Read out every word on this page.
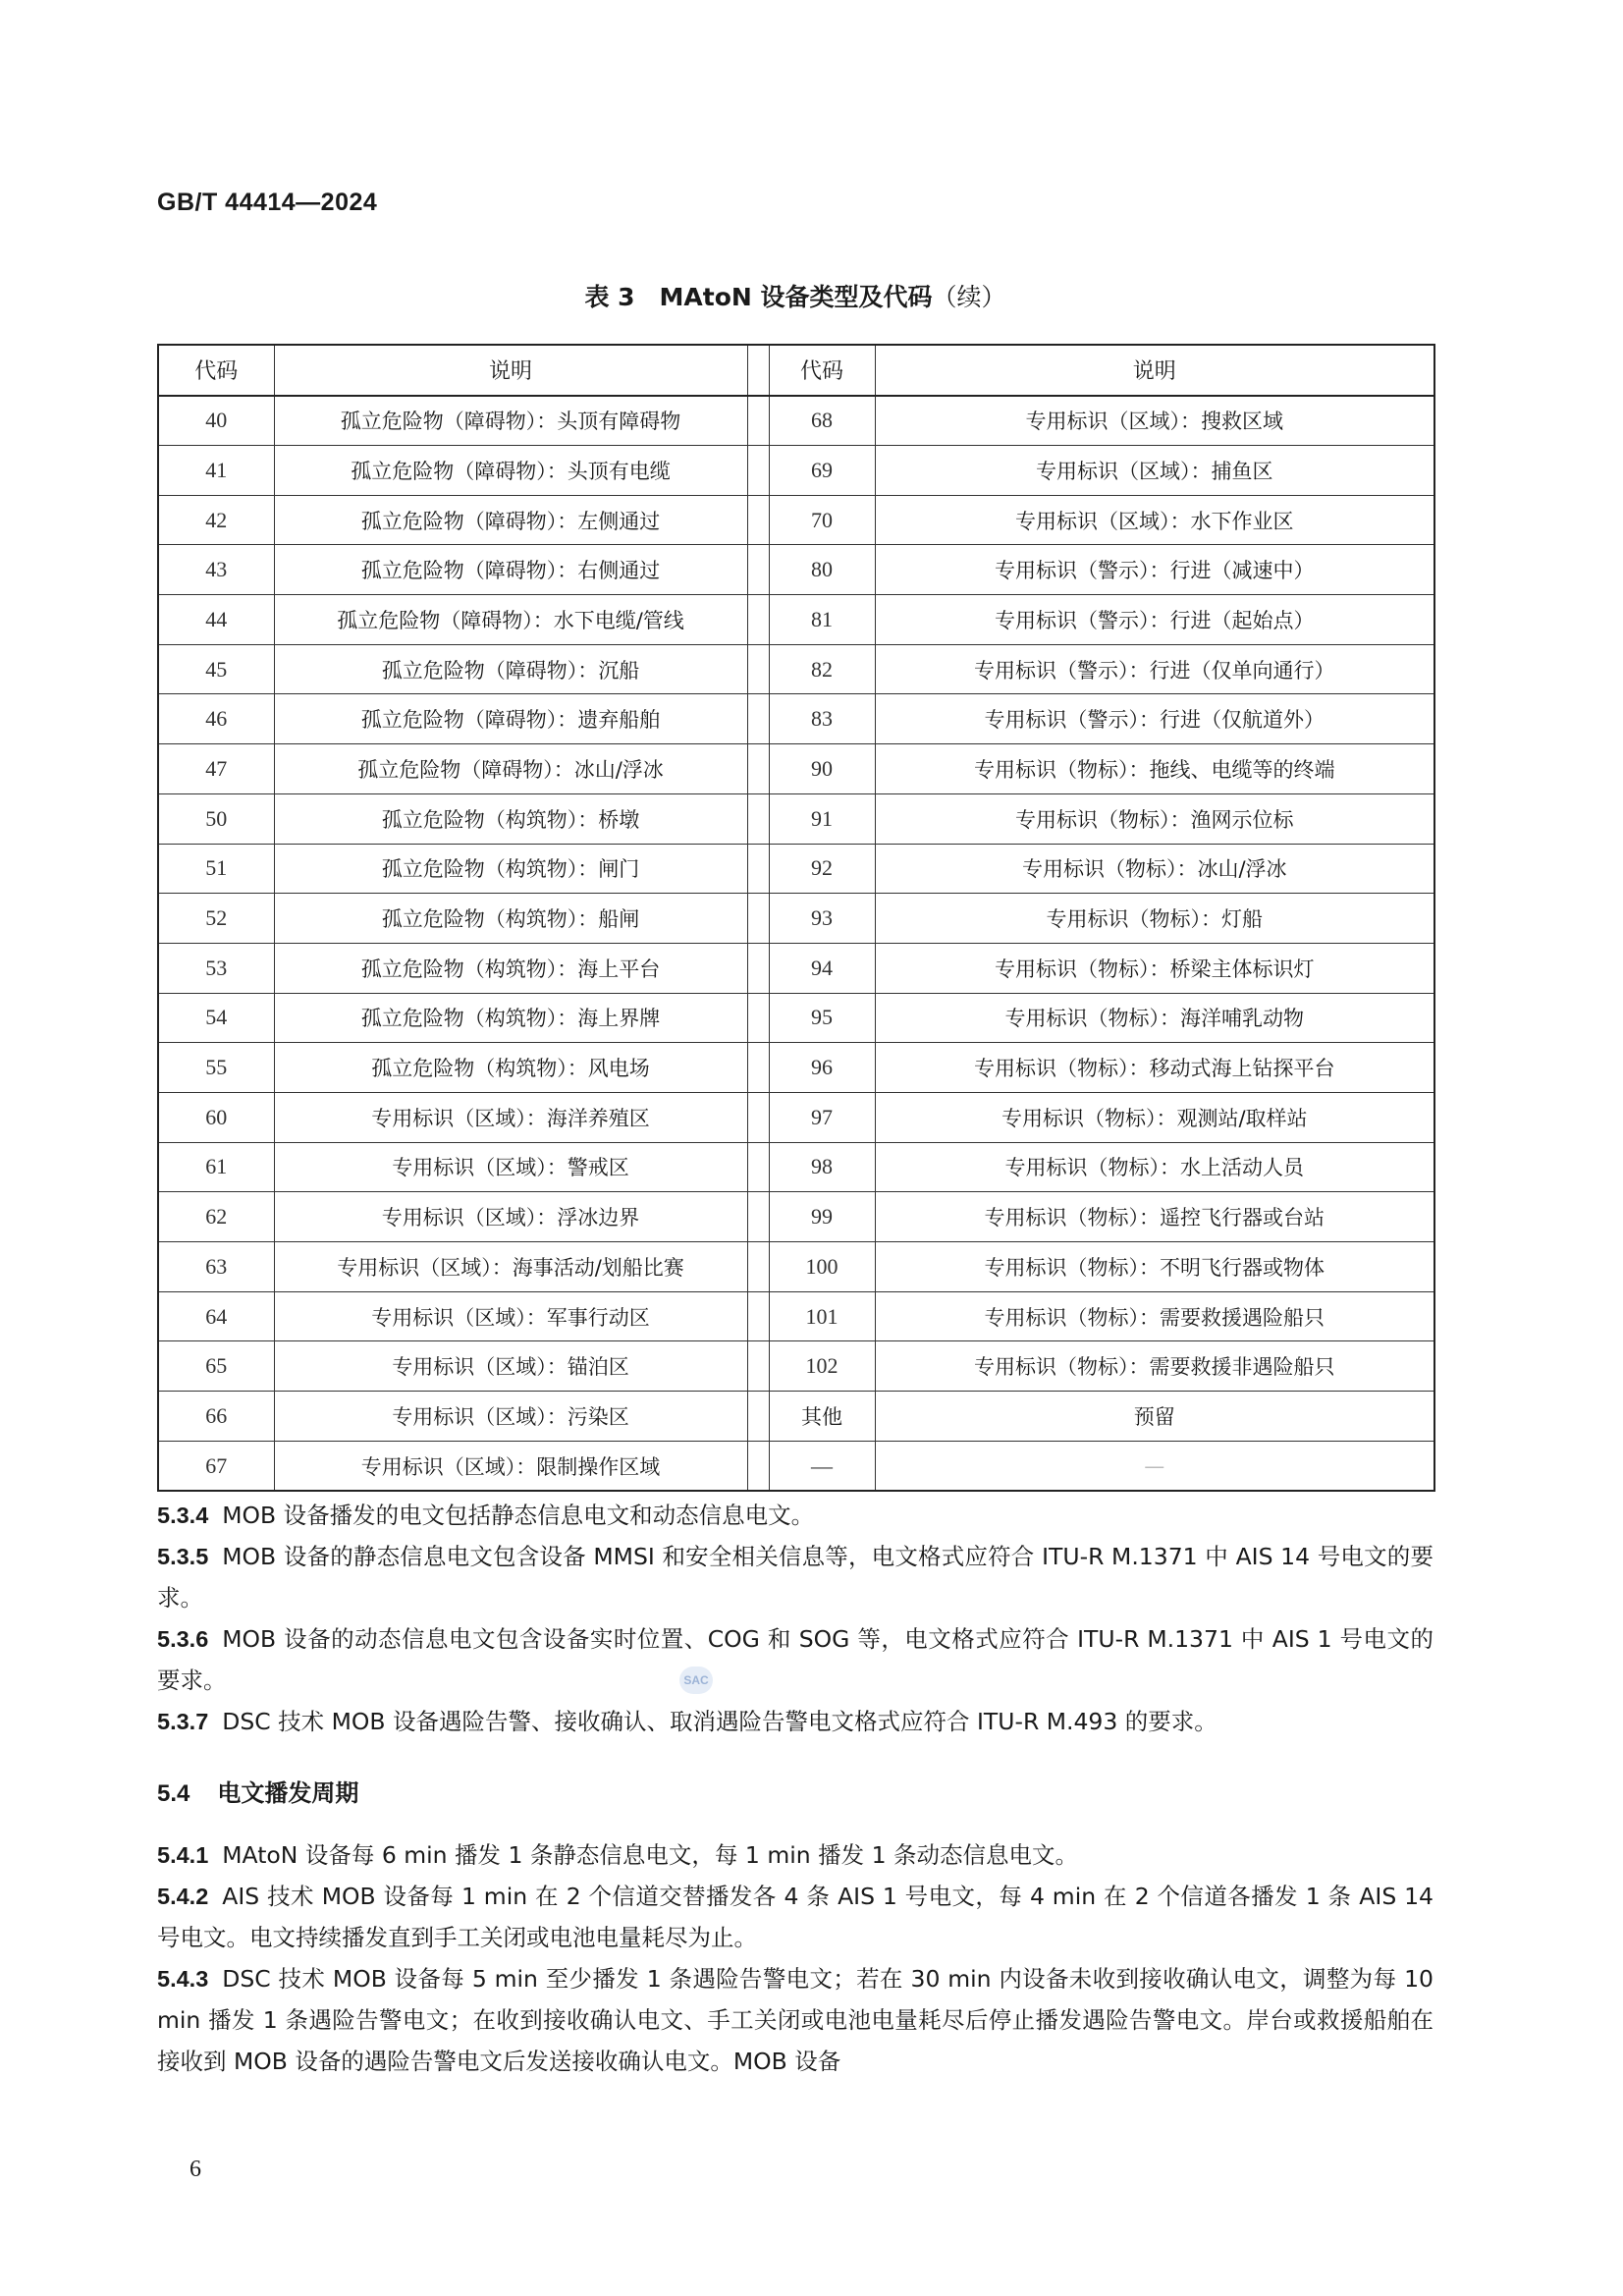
GB/T 44414—2024
表 3　MAtoN 设备类型及代码（续）
代码	说明		代码	说明
40	孤立危险物（障碍物）：头顶有障碍物		68	专用标识（区域）：搜救区域
41	孤立危险物（障碍物）：头顶有电缆		69	专用标识（区域）：捕鱼区
42	孤立危险物（障碍物）：左侧通过		70	专用标识（区域）：水下作业区
43	孤立危险物（障碍物）：右侧通过		80	专用标识（警示）：行进（减速中）
44	孤立危险物（障碍物）：水下电缆/管线		81	专用标识（警示）：行进（起始点）
45	孤立危险物（障碍物）：沉船		82	专用标识（警示）：行进（仅单向通行）
46	孤立危险物（障碍物）：遗弃船舶		83	专用标识（警示）：行进（仅航道外）
47	孤立危险物（障碍物）：冰山/浮冰		90	专用标识（物标）：拖线、电缆等的终端
50	孤立危险物（构筑物）：桥墩		91	专用标识（物标）：渔网示位标
51	孤立危险物（构筑物）：闸门		92	专用标识（物标）：冰山/浮冰
52	孤立危险物（构筑物）：船闸		93	专用标识（物标）：灯船
53	孤立危险物（构筑物）：海上平台		94	专用标识（物标）：桥梁主体标识灯
54	孤立危险物（构筑物）：海上界牌		95	专用标识（物标）：海洋哺乳动物
55	孤立危险物（构筑物）：风电场		96	专用标识（物标）：移动式海上钻探平台
60	专用标识（区域）：海洋养殖区		97	专用标识（物标）：观测站/取样站
61	专用标识（区域）：警戒区		98	专用标识（物标）：水上活动人员
62	专用标识（区域）：浮冰边界		99	专用标识（物标）：遥控飞行器或台站
63	专用标识（区域）：海事活动/划船比赛		100	专用标识（物标）：不明飞行器或物体
64	专用标识（区域）：军事行动区		101	专用标识（物标）：需要救援遇险船只
65	专用标识（区域）：锚泊区		102	专用标识（物标）：需要救援非遇险船只
66	专用标识（区域）：污染区		其他	预留
67	专用标识（区域）：限制操作区域		—	—
5.3.4 MOB 设备播发的电文包括静态信息电文和动态信息电文。
5.3.5 MOB 设备的静态信息电文包含设备 MMSI 和安全相关信息等，电文格式应符合 ITU-R M.1371 中 AIS 14 号电文的要求。
5.3.6 MOB 设备的动态信息电文包含设备实时位置、COG 和 SOG 等，电文格式应符合 ITU-R M.1371 中 AIS 1 号电文的要求。
5.3.7 DSC 技术 MOB 设备遇险告警、接收确认、取消遇险告警电文格式应符合 ITU-R M.493 的要求。
SAC
5.4 电文播发周期
5.4.1 MAtoN 设备每 6 min 播发 1 条静态信息电文，每 1 min 播发 1 条动态信息电文。
5.4.2 AIS 技术 MOB 设备每 1 min 在 2 个信道交替播发各 4 条 AIS 1 号电文，每 4 min 在 2 个信道各播发 1 条 AIS 14 号电文。电文持续播发直到手工关闭或电池电量耗尽为止。
5.4.3 DSC 技术 MOB 设备每 5 min 至少播发 1 条遇险告警电文；若在 30 min 内设备未收到接收确认电文，调整为每 10 min 播发 1 条遇险告警电文；在收到接收确认电文、手工关闭或电池电量耗尽后停止播发遇险告警电文。岸台或救援船舶在接收到 MOB 设备的遇险告警电文后发送接收确认电文。MOB 设备
6
